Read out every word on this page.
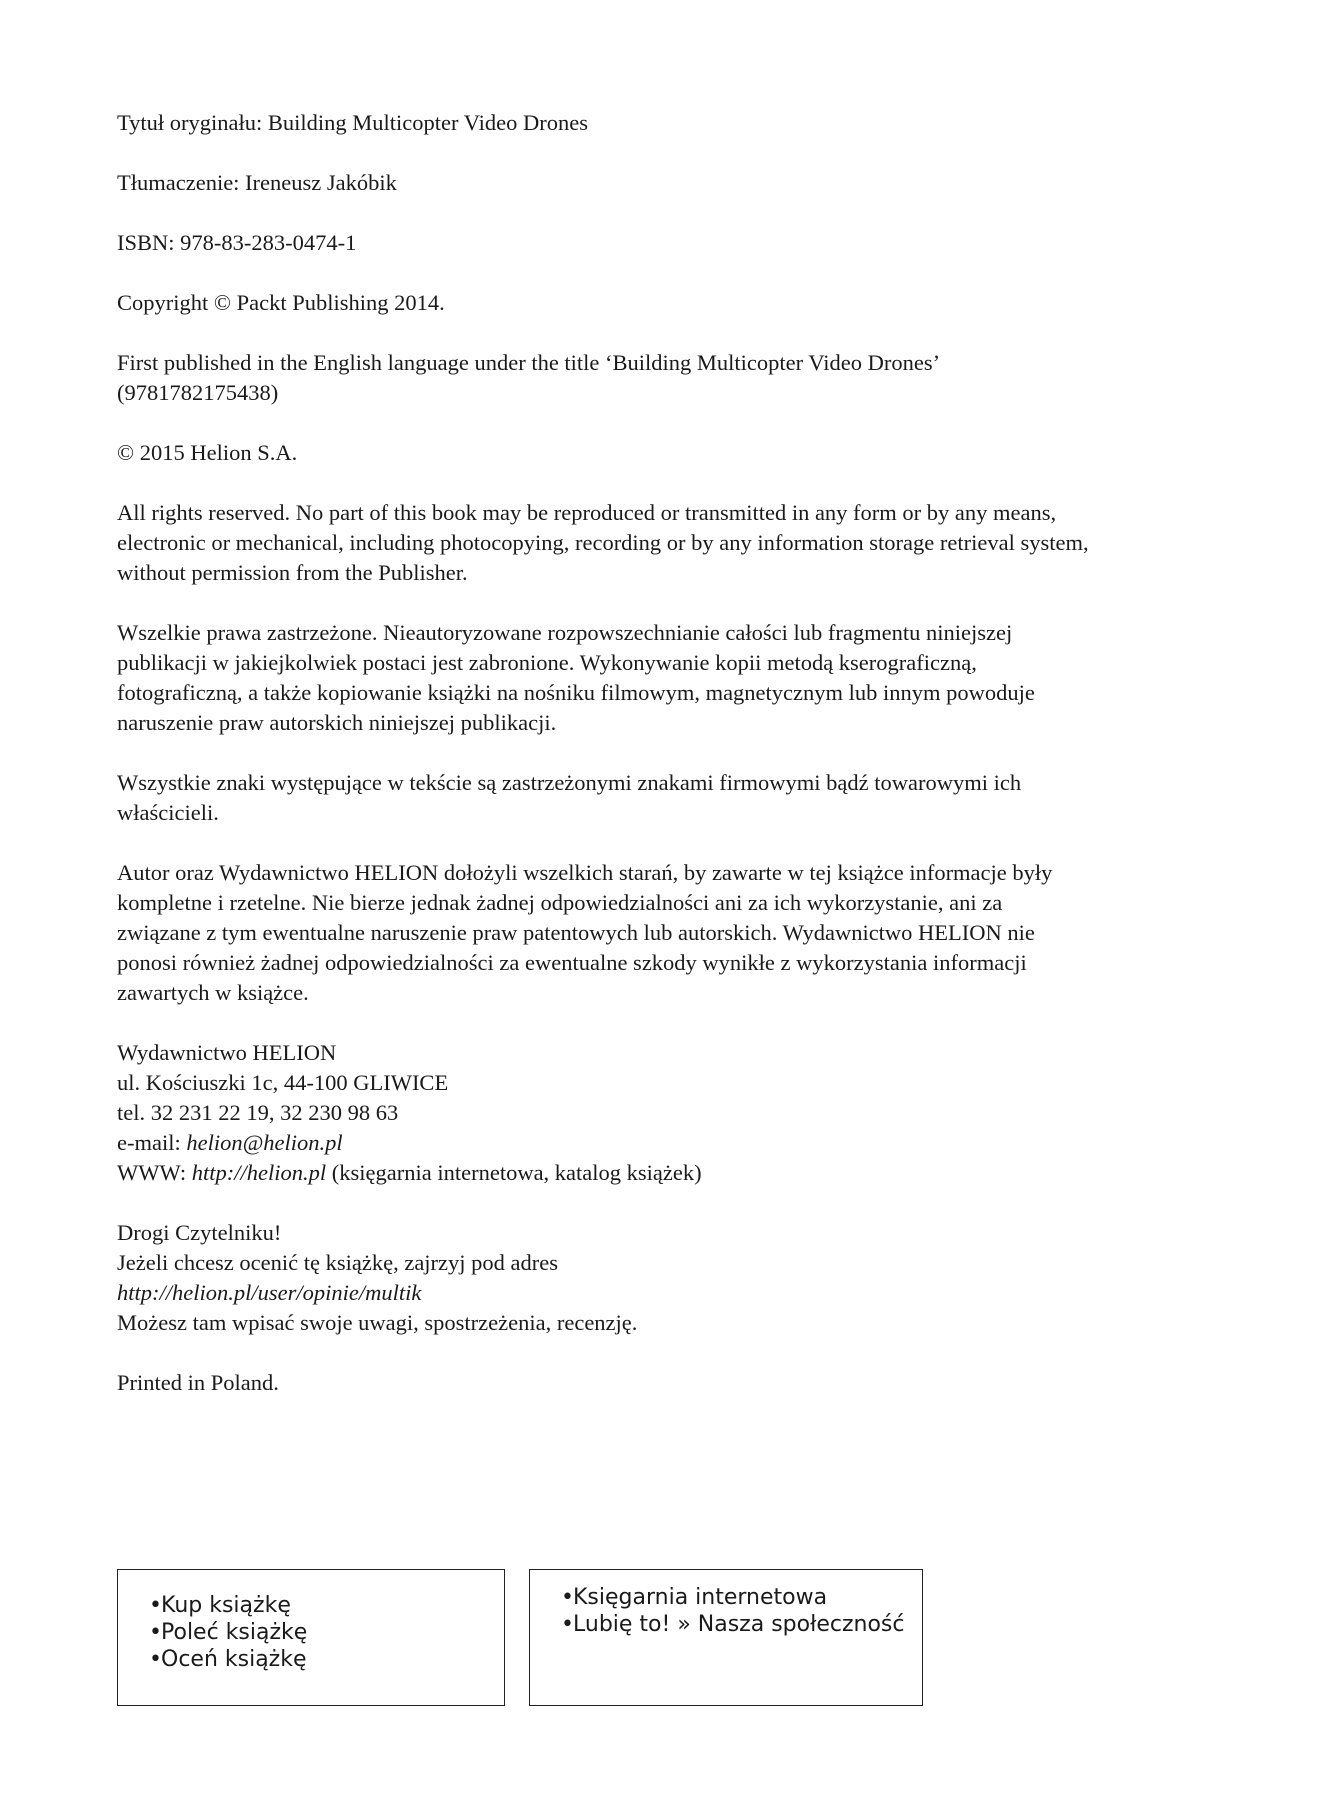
Tytuł oryginału: Building Multicopter Video Drones

Tłumaczenie: Ireneusz Jakóbik

ISBN: 978-83-283-0474-1

Copyright © Packt Publishing 2014.

First published in the English language under the title ‘Building Multicopter Video Drones’
(9781782175438)

© 2015 Helion S.A.

All rights reserved. No part of this book may be reproduced or transmitted in any form or by any means,
electronic or mechanical, including photocopying, recording or by any information storage retrieval system,
without permission from the Publisher.

Wszelkie prawa zastrzeżone. Nieautoryzowane rozpowszechnianie całości lub fragmentu niniejszej
publikacji w jakiejkolwiek postaci jest zabronione. Wykonywanie kopii metodą kserograficzną,
fotograficzną, a także kopiowanie książki na nośniku filmowym, magnetycznym lub innym powoduje
naruszenie praw autorskich niniejszej publikacji.

Wszystkie znaki występujące w tekście są zastrzeżonymi znakami firmowymi bądź towarowymi ich
właścicieli.

Autor oraz Wydawnictwo HELION dołożyli wszelkich starań, by zawarte w tej książce informacje były
kompletne i rzetelne. Nie bierze jednak żadnej odpowiedzialności ani za ich wykorzystanie, ani za
związane z tym ewentualne naruszenie praw patentowych lub autorskich. Wydawnictwo HELION nie
ponosi również żadnej odpowiedzialności za ewentualne szkody wynikłe z wykorzystania informacji
zawartych w książce.

Wydawnictwo HELION
ul. Kościuszki 1c, 44-100 GLIWICE
tel. 32 231 22 19, 32 230 98 63
e-mail: helion@helion.pl
WWW: http://helion.pl (księgarnia internetowa, katalog książek)

Drogi Czytelniku!
Jeżeli chcesz ocenić tę książkę, zajrzyj pod adres
http://helion.pl/user/opinie/multik
Możesz tam wpisać swoje uwagi, spostrzeżenia, recenzję.

Printed in Poland.

•Kup książkę
•Poleć książkę
•Oceń książkę
•Księgarnia internetowa
•Lubię to! » Nasza społeczność
